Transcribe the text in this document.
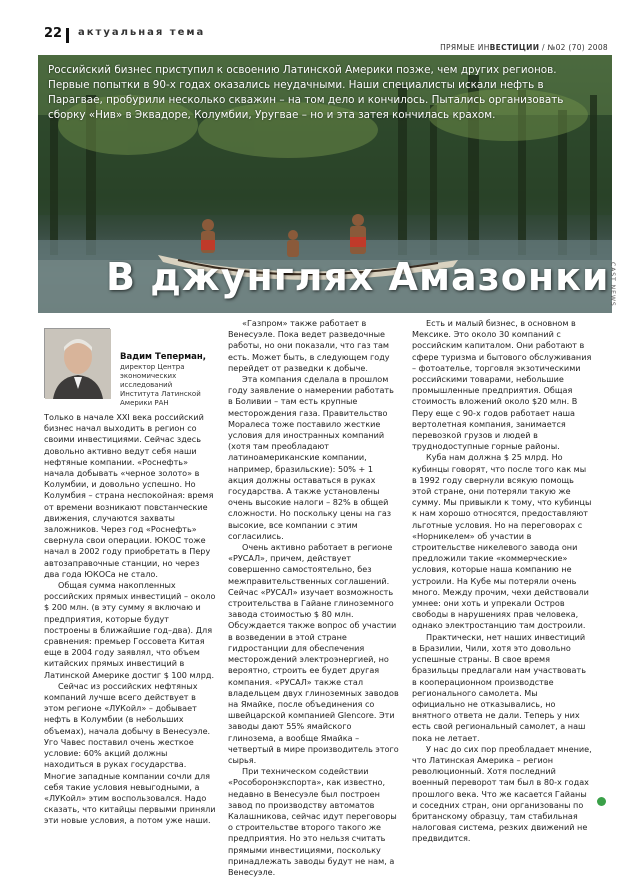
22 актуальная тема
ПРЯМЫЕ ИНВЕСТИЦИИ / №02 (70) 2008
Российский бизнес приступил к освоению Латинской Америки позже, чем других регионов. Первые попытки в 90-х годах оказались неудачными. Наши специалисты искали нефть в Парагвае, пробурили несколько скважин – на том дело и кончилось. Пытались организовать сборку «Нив» в Эквадоре, Колумбии, Уругвае – но и эта затея кончилась крахом.
В джунглях Амазонки CAST NEWS
Вадим Теперман,
директор Центра экономических исследований Института Латинской Америки РАН

Только в начале XXI века российский бизнес начал выходить в регион со своими инвестициями. Сейчас здесь довольно активно ведут себя наши нефтяные компании. «Роснефть» начала добывать «черное золото» в Колумбии, и довольно успешно. Но Колумбия – страна неспокойная: время от времени возникают повстанческие движения, случаются захваты заложников. Через год «Роснефть» свернула свои операции. ЮКОС тоже начал в 2002 году приобретать в Перу автозаправочные станции, но через два года ЮКОСа не стало.

Общая сумма накопленных российских прямых инвестиций – около $ 200 млн. (в эту сумму я включаю и предприятия, которые будут построены в ближайшие год–два). Для сравнения: премьер Госсовета Китая еще в 2004 году заявлял, что объем китайских прямых инвестиций в Латинской Америке достиг $ 100 млрд.

Сейчас из российских нефтяных компаний лучше всего действует в этом регионе «ЛУКойл» – добывает нефть в Колумбии (в небольших объемах), начала добычу в Венесуэле. Уго Чавес поставил очень жесткое условие: 60% акций должны находиться в руках государства. Многие западные компании сочли для себя такие условия невыгодными, а «ЛУКойл» этим воспользовался. Надо сказать, что китайцы первыми приняли эти новые условия, а потом уже наши.

«Газпром» также работает в Венесуэле. Пока ведет разведочные работы, но они показали, что газ там есть. Может быть, в следующем году перейдет от разведки к добыче.

Эта компания сделала в прошлом году заявление о намерении работать в Боливии – там есть крупные месторождения газа. Правительство Моралеса тоже поставило жесткие условия для иностранных компаний (хотя там преобладают латиноамериканские компании, например, бразильские): 50% + 1 акция должны оставаться в руках государства. А также установлены очень высокие налоги – 82% в общей сложности. Но поскольку цены на газ высокие, все компании с этим согласились.

Очень активно работает в регионе «РУСАЛ», причем, действует совершенно самостоятельно, без межправительственных соглашений. Сейчас «РУСАЛ» изучает возможность строительства в Гайане глиноземного завода стоимостью $ 80 млн. Обсуждается также вопрос об участии в возведении в этой стране гидростанции для обеспечения месторождений электроэнергией, но вероятно, строить ее будет другая компания. «РУСАЛ» также стал владельцем двух глиноземных заводов на Ямайке, после объединения со швейцарской компанией Glencore. Эти заводы дают 55% ямайского глинозема, а вообще Ямайка – четвертый в мире производитель этого сырья.

При техническом содействии «Рособоронэкспорта», как известно, недавно в Венесуэле был построен завод по производству автоматов Калашникова, сейчас идут переговоры о строительстве второго такого же предприятия. Но это нельзя считать прямыми инвестициями, поскольку принадлежать заводы будут не нам, а Венесуэле.

Есть и малый бизнес, в основном в Мексике. Это около 30 компаний с российским капиталом. Они работают в сфере туризма и бытового обслуживания – фотоателье, торговля экзотическими российскими товарами, небольшие промышленные предприятия. Общая стоимость вложений около $20 млн. В Перу еще с 90-х годов работает наша вертолетная компания, занимается перевозкой грузов и людей в труднодоступные горные районы.

Куба нам должна $ 25 млрд. Но кубинцы говорят, что после того как мы в 1992 году свернули всякую помощь этой стране, они потеряли такую же сумму. Мы привыкли к тому, что кубинцы к нам хорошо относятся, предоставляют льготные условия. Но на переговорах с «Норникелем» об участии в строительстве никелевого завода они предложили такие «коммерческие» условия, которые наша компанию не устроили. На Кубе мы потеряли очень много. Между прочим, чехи действовали умнее: они хоть и упрекали Остров свободы в нарушениях прав человека, однако электростанцию там достроили.

Практически, нет наших инвестиций в Бразилии, Чили, хотя это довольно успешные страны. В свое время бразильцы предлагали нам участвовать в кооперационном производстве регионального самолета. Мы официально не отказывались, но внятного ответа не дали. Теперь у них есть свой региональный самолет, а наш пока не летает.

У нас до сих пор преобладает мнение, что Латинская Америка – регион революционный. Хотя последний военный переворот там был в 80-х годах прошлого века. Что же касается Гайаны и соседних стран, они организованы по британскому образцу, там стабильная налоговая система, резких движений не предвидится.
